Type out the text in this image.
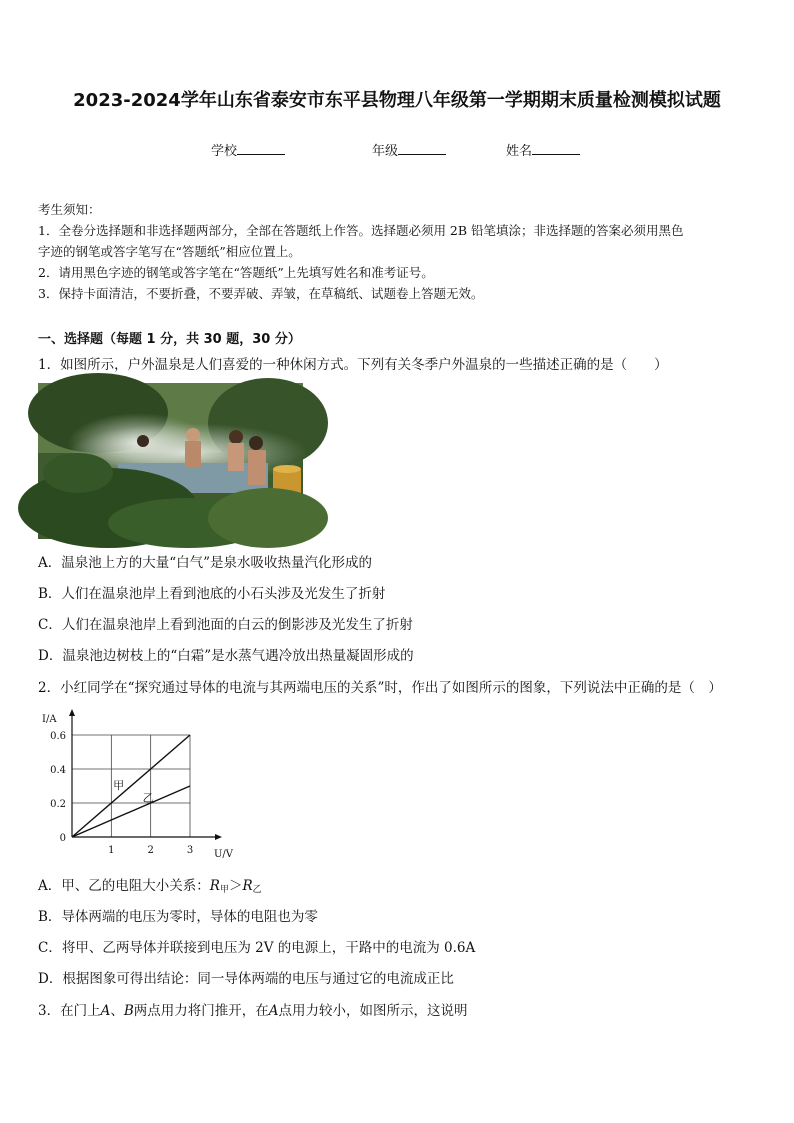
2023-2024学年山东省泰安市东平县物理八年级第一学期期末质量检测模拟试题
学校	年级	姓名
考生须知：
1．全卷分选择题和非选择题两部分，全部在答题纸上作答。选择题必须用 2B 铅笔填涂；非选择题的答案必须用黑色
字迹的钢笔或答字笔写在“答题纸”相应位置上。
2．请用黑色字迹的钢笔或答字笔在“答题纸”上先填写姓名和准考证号。
3．保持卡面清洁，不要折叠，不要弄破、弄皱，在草稿纸、试题卷上答题无效。
一、选择题（每题 1 分，共 30 题，30 分）
1．如图所示，户外温泉是人们喜爱的一种休闲方式。下列有关冬季户外温泉的一些描述正确的是（　　）
A．温泉池上方的大量“白气”是泉水吸收热量汽化形成的
B．人们在温泉池岸上看到池底的小石头涉及光发生了折射
C．人们在温泉池岸上看到池面的白云的倒影涉及光发生了折射
D．温泉池边树枝上的“白霜”是水蒸气遇冷放出热量凝固形成的
2．小红同学在“探究通过导体的电流与其两端电压的关系”时，作出了如图所示的图象，下列说法中正确的是（　）
1	2	3
0
0.2
0.4
0.6
U/V
I/A
甲
乙
A．甲、乙的电阻大小关系：$R_甲>R_乙$
B．导体两端的电压为零时，导体的电阻也为零
C．将甲、乙两导体并联接到电压为 2V 的电源上，干路中的电流为 0.6A
D．根据图象可得出结论：同一导体两端的电压与通过它的电流成正比
3．在门上A、B两点用力将门推开，在A点用力较小，如图所示，这说明
